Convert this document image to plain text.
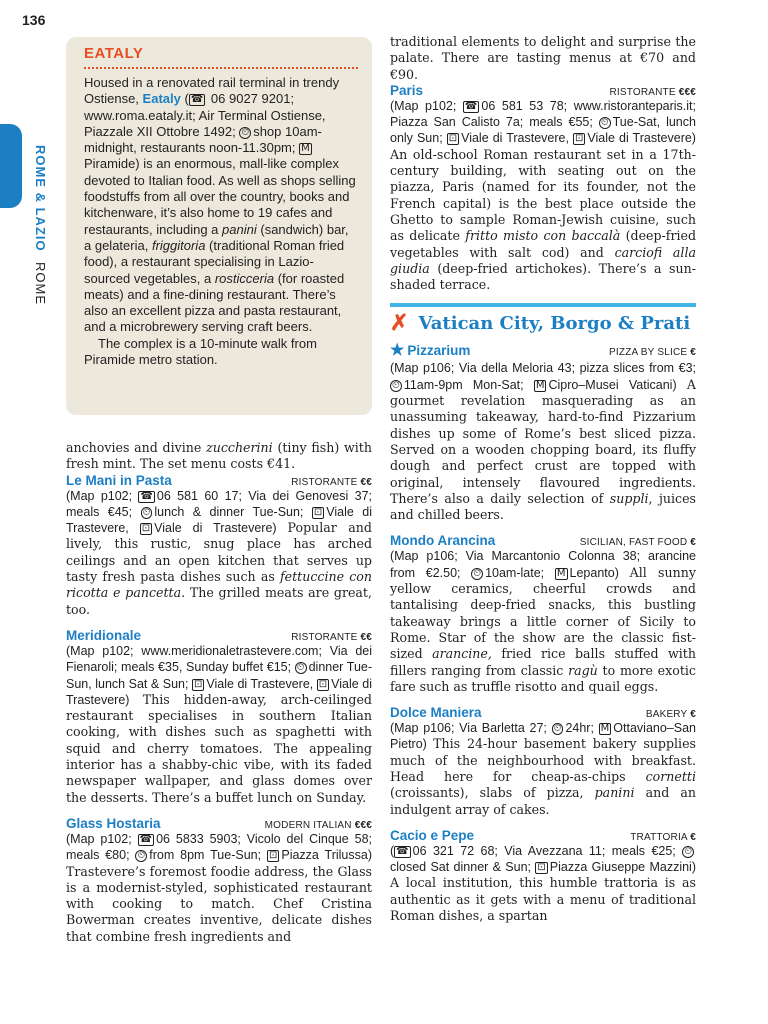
136
ROME & LAZIO ROME
EATALY

Housed in a renovated rail terminal in trendy Ostiense, Eataly ( ☎ 06 9027 9201; www.roma.eataly.it; Air Terminal Ostiense, Piazzale XII Ottobre 1492; ⏲ shop 10am-midnight, restaurants noon-11.30pm; MPiramide) is an enormous, mall-like complex devoted to Italian food. As well as shops selling foodstuffs from all over the country, books and kitchenware, it’s also home to 19 cafes and restaurants, including a panini (sandwich) bar, a gelateria, friggitoria (traditional Roman fried food), a restaurant specialising in Lazio-sourced vegetables, a rosticceria (for roasted meats) and a fine-dining restaurant. There’s also an excellent pizza and pasta restaurant, and a microbrewery serving craft beers.

The complex is a 10-minute walk from Piramide metro station.

anchovies and divine zuccherini (tiny fish) with fresh mint. The set menu costs €41.

Le Mani in Pasta	RISTORANTE €€

(Map p102; ☎ 06 581 60 17; Via dei Genovesi 37; meals €45; ⏲ lunch & dinner Tue-Sun; ⊡ Viale di Trastevere, ⊡ Viale di Trastevere) Popular and lively, this rustic, snug place has arched ceilings and an open kitchen that serves up tasty fresh pasta dishes such as fettuccine con ricotta e pancetta. The grilled meats are great, too.

Meridionale	RISTORANTE €€

(Map p102; www.meridionaletrastevere.com; Via dei Fienaroli; meals €35, Sunday buffet €15; ⏲ dinner Tue-Sun, lunch Sat & Sun; ⊡ Viale di Trastevere, ⊡ Viale di Trastevere) This hidden-away, arch-ceilinged restaurant specialises in southern Italian cooking, with dishes such as spaghetti with squid and cherry tomatoes. The appealing interior has a shabby-chic vibe, with its faded newspaper wallpaper, and glass domes over the desserts. There’s a buffet lunch on Sunday.

Glass Hostaria	MODERN ITALIAN €€€

(Map p102; ☎ 06 5833 5903; Vicolo del Cinque 58; meals €80; ⏲ from 8pm Tue-Sun; ⊡ Piazza Trilussa) Trastevere’s foremost foodie address, the Glass is a modernist-styled, sophisticated restaurant with cooking to match. Chef Cristina Bowerman creates inventive, delicate dishes that combine fresh ingredients and

traditional elements to delight and surprise the palate. There are tasting menus at €70 and €90.

Paris	RISTORANTE €€€

(Map p102; ☎ 06 581 53 78; www.ristoranteparis.it; Piazza San Calisto 7a; meals €55; ⏲ Tue-Sat, lunch only Sun; ⊡ Viale di Trastevere, ⊡ Viale di Trastevere) An old-school Roman restaurant set in a 17th-century building, with seating out on the piazza, Paris (named for its founder, not the French capital) is the best place outside the Ghetto to sample Roman-Jewish cuisine, such as delicate fritto misto con baccalà (deep-fried vegetables with salt cod) and carciofi alla giudia (deep-fried artichokes). There’s a sun-shaded terrace.

✗ Vatican City, Borgo & Prati
★ Pizzarium	PIZZA BY SLICE €

(Map p106; Via della Meloria 43; pizza slices from €3; ⏲ 11am-9pm Mon-Sat; M Cipro–Musei Vaticani) A gourmet revelation masquerading as an unassuming takeaway, hard-to-find Pizzarium dishes up some of Rome’s best sliced pizza. Served on a wooden chopping board, its fluffy dough and perfect crust are topped with original, intensely flavoured ingredients. There’s also a daily selection of suppli, juices and chilled beers.

Mondo Arancina	SICILIAN, FAST FOOD €

(Map p106; Via Marcantonio Colonna 38; arancine from €2.50; ⏲ 10am-late; M Lepanto) All sunny yellow ceramics, cheerful crowds and tantalising deep-fried snacks, this bustling takeaway brings a little corner of Sicily to Rome. Star of the show are the classic fist-sized arancine, fried rice balls stuffed with fillers ranging from classic ragù to more exotic fare such as truffle risotto and quail eggs.

Dolce Maniera	BAKERY €

(Map p106; Via Barletta 27; ⏲ 24hr; M Ottaviano–San Pietro) This 24-hour basement bakery supplies much of the neighbourhood with breakfast. Head here for cheap-as-chips cornetti (croissants), slabs of pizza, panini and an indulgent array of cakes.

Cacio e Pepe	TRATTORIA €

( ☎ 06 321 72 68; Via Avezzana 11; meals €25; ⏲closed Sat dinner & Sun; ⊡ Piazza Giuseppe Mazzini) A local institution, this humble trattoria is as authentic as it gets with a menu of traditional Roman dishes, a spartan
